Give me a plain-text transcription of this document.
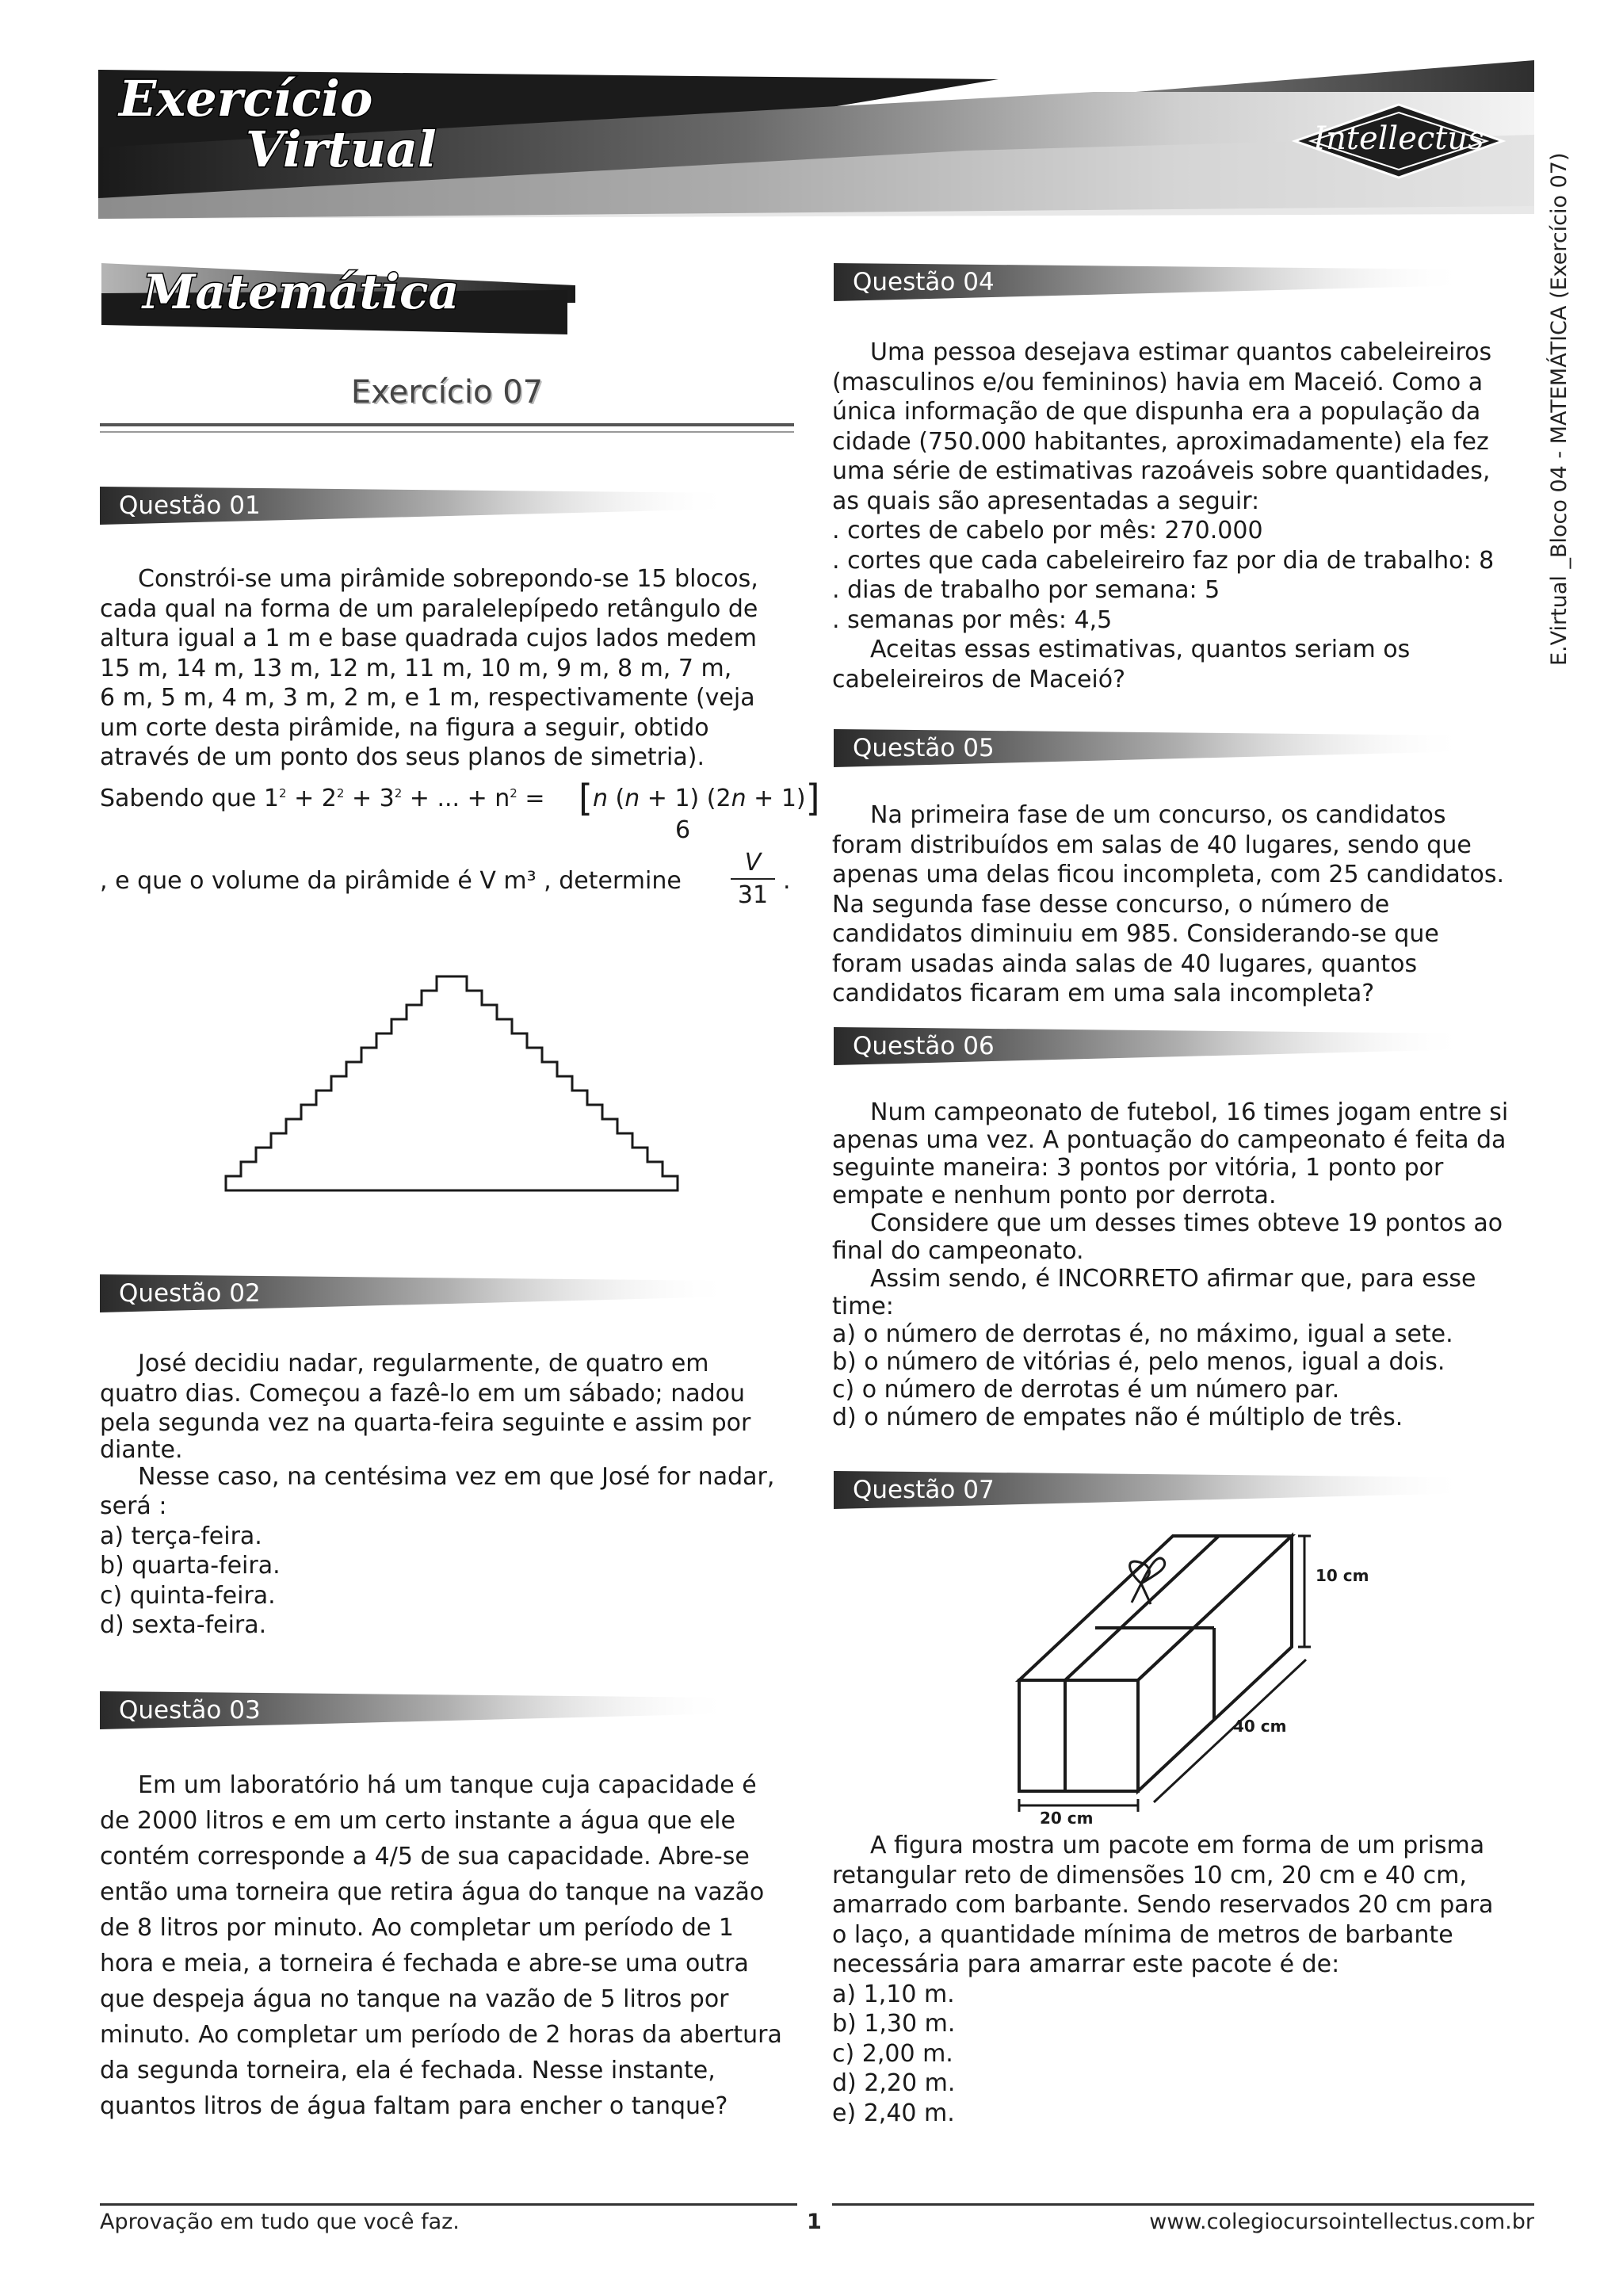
Exercício
Virtual	Intellectus
E.Virtual _Bloco 04 - MATEMÁTICA (Exercício 07)
Matemática
Exercício 07
Questão 01

Constrói-se uma pirâmide sobrepondo-se 15 blocos,
cada qual na forma de um paralelepípedo retângulo de
altura igual a 1 m e base quadrada cujos lados medem
15 m, 14 m, 13 m, 12 m, 11 m, 10 m, 9 m, 8 m, 7 m,
6 m, 5 m, 4 m, 3 m, 2 m, e 1 m, respectivamente (veja
um corte desta pirâmide, na figura a seguir, obtido
através de um ponto dos seus planos de simetria).

Sabendo que $1^2 + 2^2 + 3^2$ + ... + $n^2 = [n$ (n + 1) (2n + 1)]
6
, e que o volume da pirâmide é V m³ , determine
V
31
.
Questão 02

José decidiu nadar, regularmente, de quatro em
quatro dias. Começou a fazê-lo em um sábado; nadou
pela segunda vez na quarta-feira seguinte e assim por
diante.
Nesse caso, na centésima vez em que José for nadar,
será :
a) terça-feira.
b) quarta-feira.
c) quinta-feira.
d) sexta-feira.

Questão 03

Em um laboratório há um tanque cuja capacidade é
de 2000 litros e em um certo instante a água que ele
contém corresponde a 4/5 de sua capacidade. Abre-se
então uma torneira que retira água do tanque na vazão
de 8 litros por minuto. Ao completar um período de 1
hora e meia, a torneira é fechada e abre-se uma outra
que despeja água no tanque na vazão de 5 litros por
minuto. Ao completar um período de 2 horas da abertura
da segunda torneira, ela é fechada. Nesse instante,
quantos litros de água faltam para encher o tanque?

Questão 04

Uma pessoa desejava estimar quantos cabeleireiros
(masculinos e/ou femininos) havia em Maceió. Como a
única informação de que dispunha era a população da
cidade (750.000 habitantes, aproximadamente) ela fez
uma série de estimativas razoáveis sobre quantidades,
as quais são apresentadas a seguir:
. cortes de cabelo por mês: 270.000
. cortes que cada cabeleireiro faz por dia de trabalho: 8
. dias de trabalho por semana: 5
. semanas por mês: 4,5
Aceitas essas estimativas, quantos seriam os
cabeleireiros de Maceió?

Questão 05

Na primeira fase de um concurso, os candidatos
foram distribuídos em salas de 40 lugares, sendo que
apenas uma delas ficou incompleta, com 25 candidatos.
Na segunda fase desse concurso, o número de
candidatos diminuiu em 985. Considerando-se que
foram usadas ainda salas de 40 lugares, quantos
candidatos ficaram em uma sala incompleta?

Questão 06

Num campeonato de futebol, 16 times jogam entre si
apenas uma vez. A pontuação do campeonato é feita da
seguinte maneira: 3 pontos por vitória, 1 ponto por
empate e nenhum ponto por derrota.
Considere que um desses times obteve 19 pontos ao
final do campeonato.
Assim sendo, é INCORRETO afirmar que, para esse
time:
a) o número de derrotas é, no máximo, igual a sete.
b) o número de vitórias é, pelo menos, igual a dois.
c) o número de derrotas é um número par.
d) o número de empates não é múltiplo de três.

Questão 07
10 cm
40 cm
20 cm

A figura mostra um pacote em forma de um prisma
retangular reto de dimensões 10 cm, 20 cm e 40 cm,
amarrado com barbante. Sendo reservados 20 cm para
o laço, a quantidade mínima de metros de barbante
necessária para amarrar este pacote é de:
a) 1,10 m.
b) 1,30 m.
c) 2,00 m.
d) 2,20 m.
e) 2,40 m.

Aprovação em tudo que você faz.	1	www.colegiocursointellectus.com.br
